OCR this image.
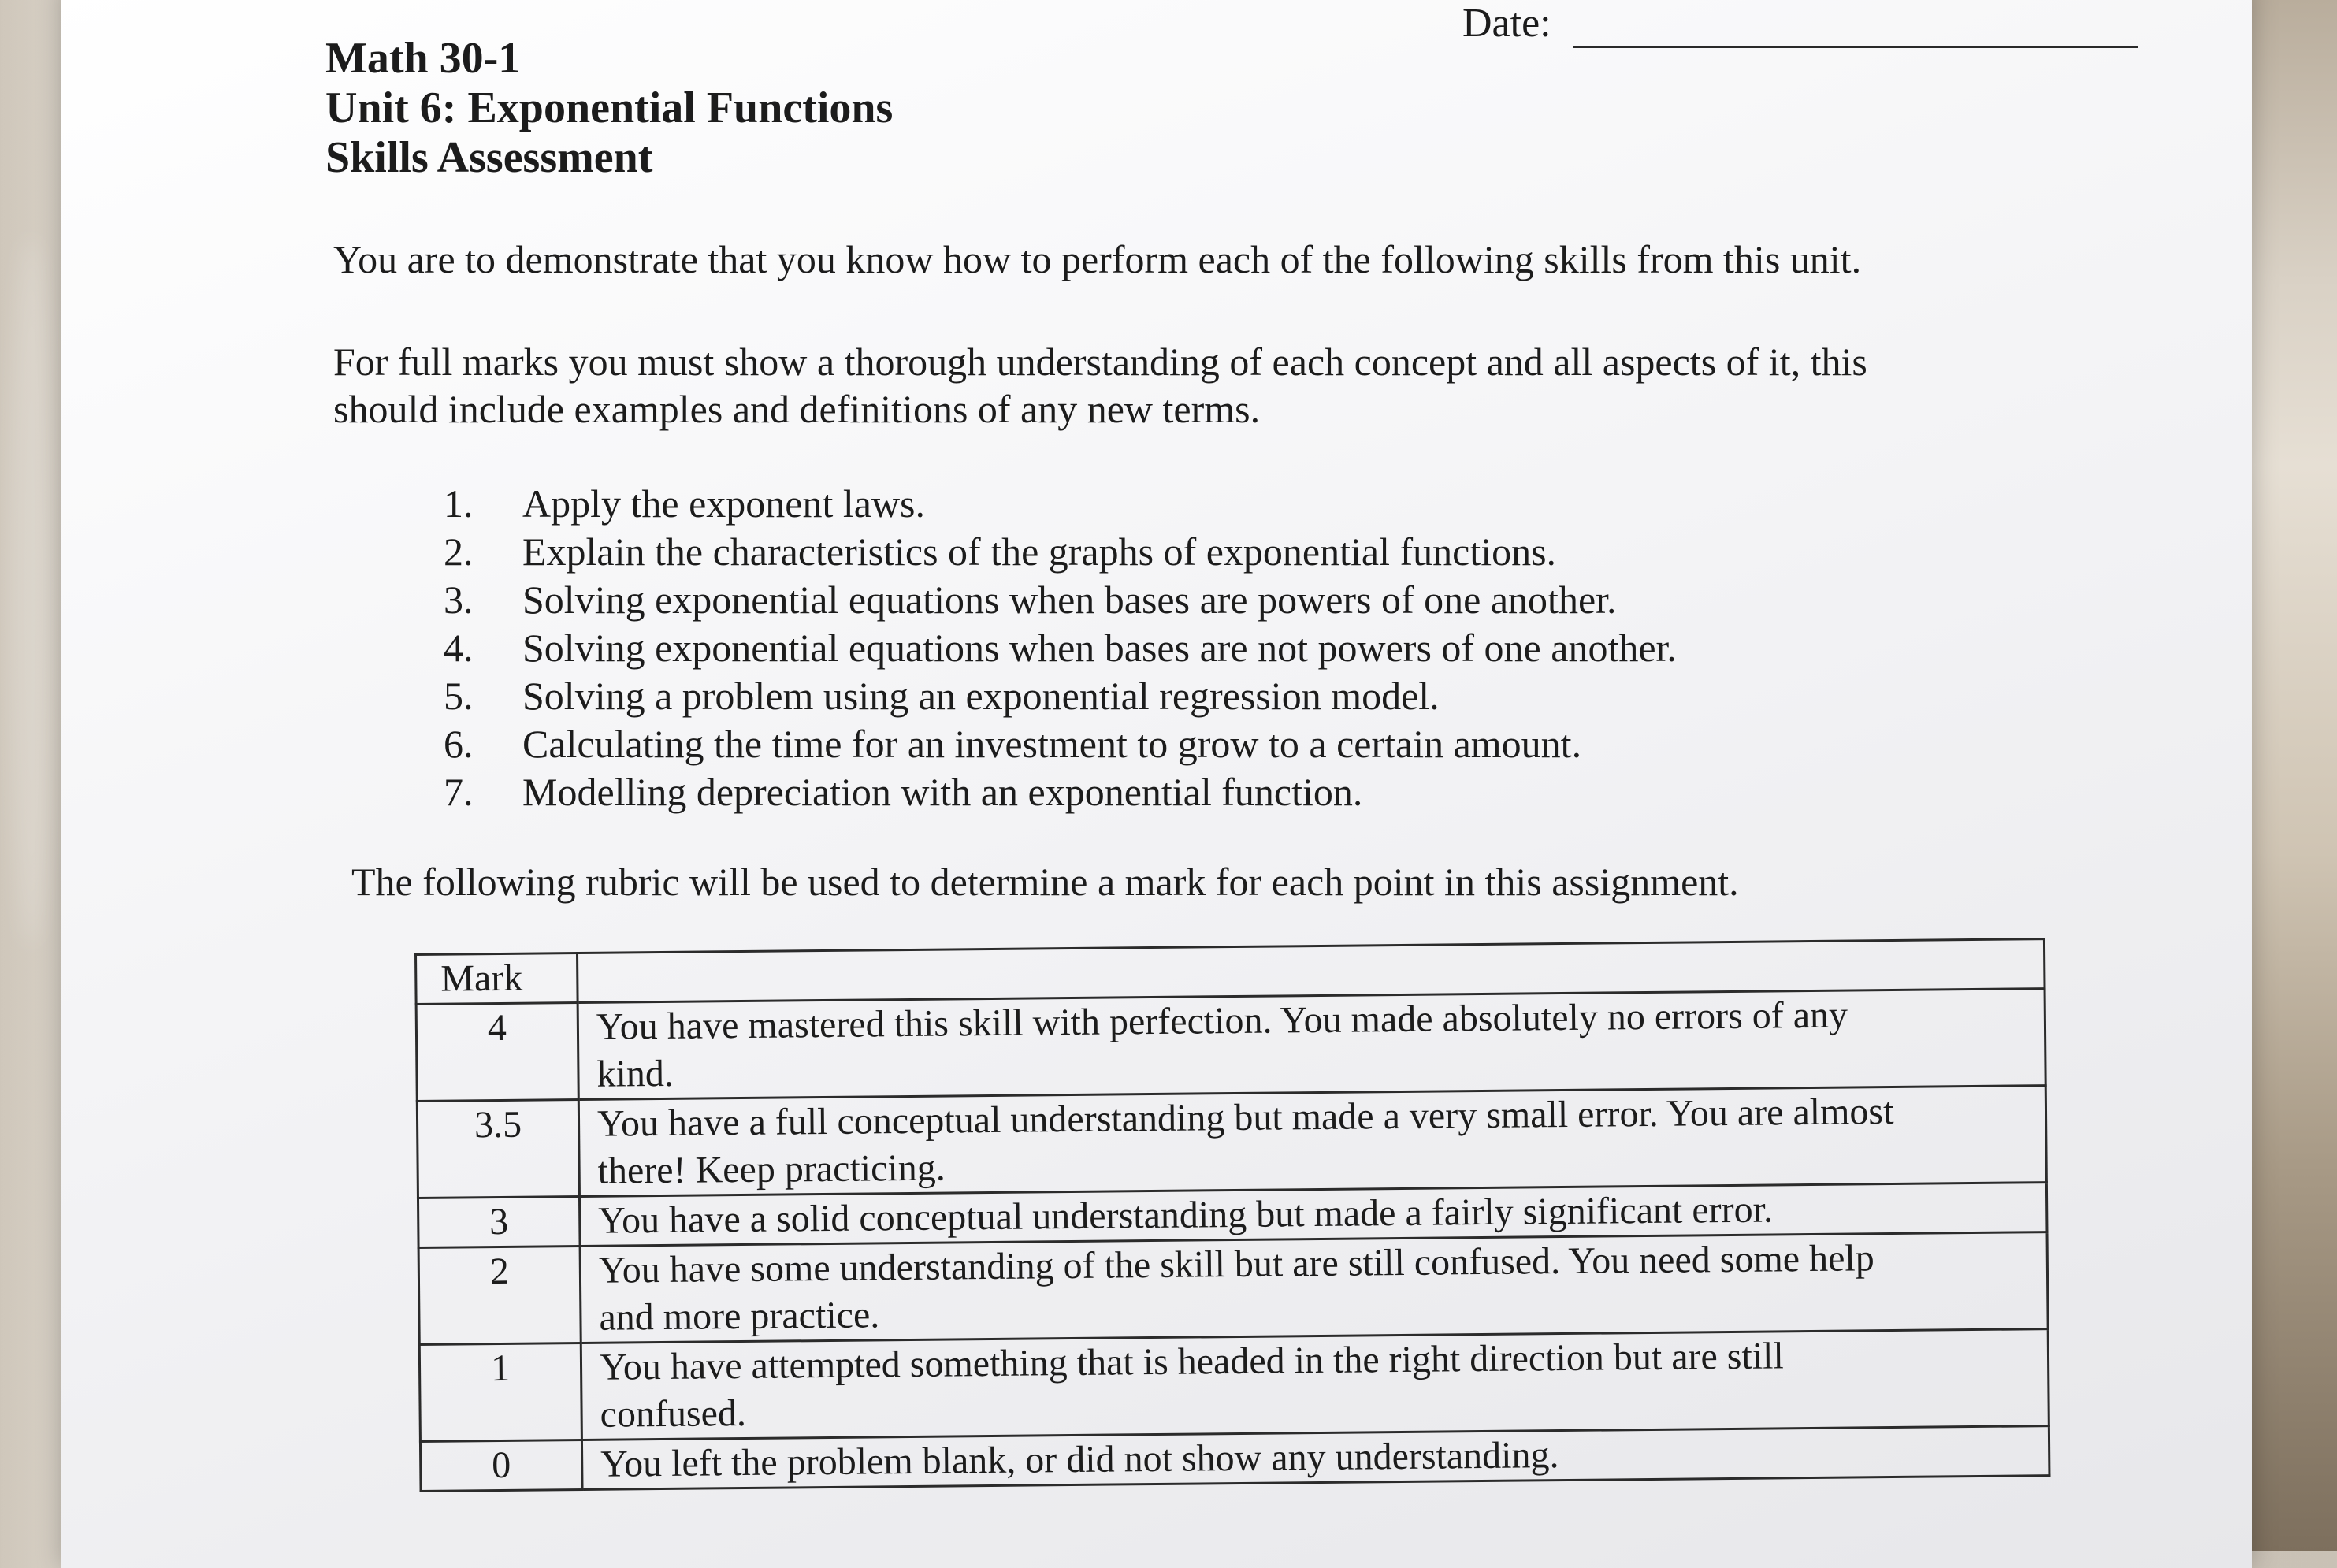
Math 30-1
Unit 6: Exponential Functions
Skills Assessment
Date:
You are to demonstrate that you know how to perform each of the following skills from this unit.
For full marks you must show a thorough understanding of each concept and all aspects of it, this
should include examples and definitions of any new terms.
1. Apply the exponent laws.
2. Explain the characteristics of the graphs of exponential functions.
3. Solving exponential equations when bases are powers of one another.
4. Solving exponential equations when bases are not powers of one another.
5. Solving a problem using an exponential regression model.
6. Calculating the time for an investment to grow to a certain amount.
7. Modelling depreciation with an exponential function.
The following rubric will be used to determine a mark for each point in this assignment.
Mark	
4	You have mastered this skill with perfection. You made absolutely no errors of any
kind.

3.5	You have a full conceptual understanding but made a very small error. You are almost
there! Keep practicing.

3	You have a solid conceptual understanding but made a fairly significant error.

2	You have some understanding of the skill but are still confused. You need some help
and more practice.

1	You have attempted something that is headed in the right direction but are still
confused.

0	You left the problem blank, or did not show any understanding.
